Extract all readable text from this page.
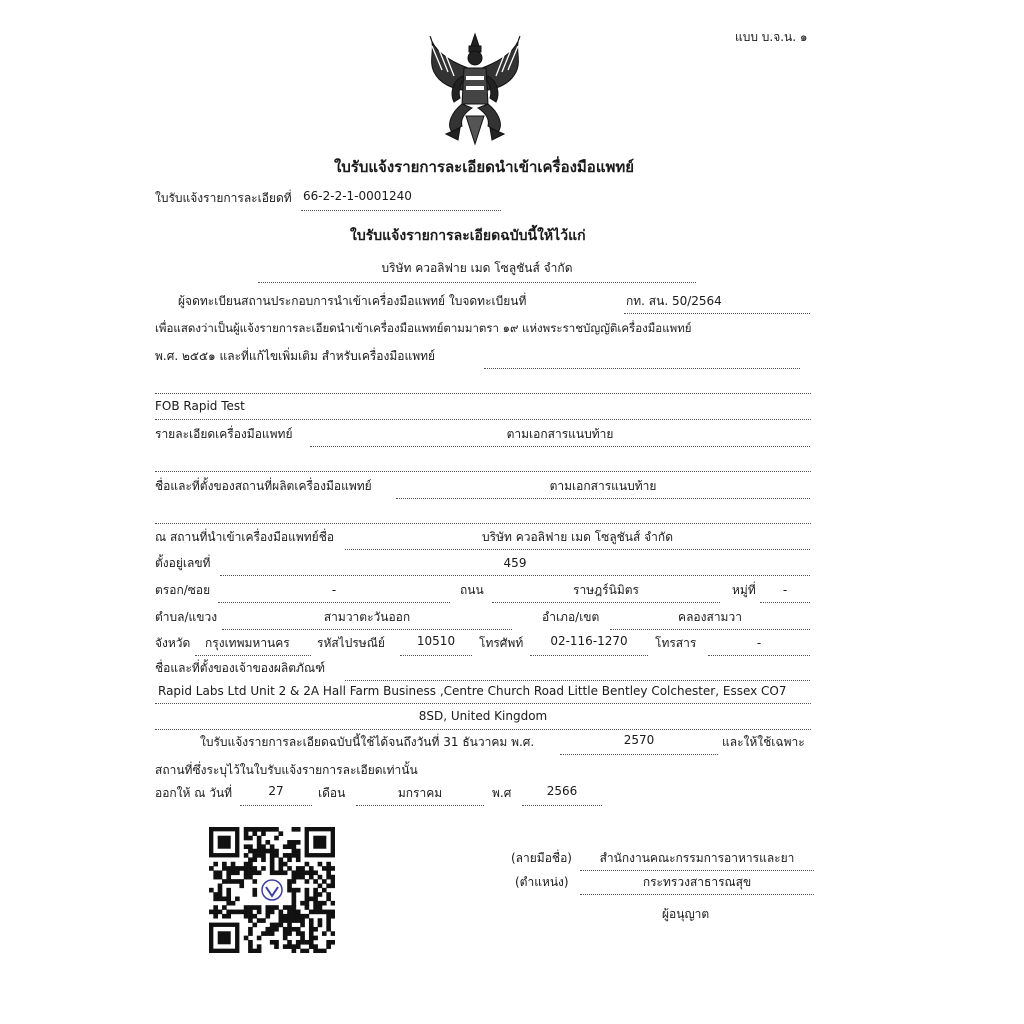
แบบ บ.จ.น. ๑
ใบรับแจ้งรายการละเอียดนำเข้าเครื่องมือแพทย์
ใบรับแจ้งรายการละเอียดที่ 66-2-2-1-0001240
ใบรับแจ้งรายการละเอียดฉบับนี้ให้ไว้แก่
บริษัท ควอลิฟาย เมด โซลูชันส์ จำกัด
ผู้จดทะเบียนสถานประกอบการนำเข้าเครื่องมือแพทย์ ใบจดทะเบียนที่	กท. สน. 50/2564
เพื่อแสดงว่าเป็นผู้แจ้งรายการละเอียดนำเข้าเครื่องมือแพทย์ตามมาตรา ๑๙ แห่งพระราชบัญญัติเครื่องมือแพทย์
พ.ศ. ๒๕๕๑ และที่แก้ไขเพิ่มเติม สำหรับเครื่องมือแพทย์
FOB Rapid Test
รายละเอียดเครื่องมือแพทย์	ตามเอกสารแนบท้าย
ชื่อและที่ตั้งของสถานที่ผลิตเครื่องมือแพทย์	ตามเอกสารแนบท้าย
ณ สถานที่นำเข้าเครื่องมือแพทย์ชื่อ	บริษัท ควอลิฟาย เมด โซลูชันส์ จำกัด
ตั้งอยู่เลขที่	459
ตรอก/ซอย	-	ถนน	ราษฎร์นิมิตร	หมู่ที่	-
ตำบล/แขวง	สามวาตะวันออก	อำเภอ/เขต	คลองสามวา
จังหวัด กรุงเทพมหานคร รหัสไปรษณีย์	10510	โทรศัพท์	02-116-1270	โทรสาร	-
ชื่อและที่ตั้งของเจ้าของผลิตภัณฑ์
Rapid Labs Ltd Unit 2 & 2A Hall Farm Business ,Centre Church Road Little Bentley Colchester, Essex CO7
8SD, United Kingdom
ใบรับแจ้งรายการละเอียดฉบับนี้ใช้ได้จนถึงวันที่ 31 ธันวาคม พ.ศ.	2570	และให้ใช้เฉพาะ
สถานที่ซึ่งระบุไว้ในใบรับแจ้งรายการละเอียดเท่านั้น
ออกให้ ณ วันที่	27	เดือน	มกราคม	พ.ศ	2566
(ลายมือชื่อ)	สำนักงานคณะกรรมการอาหารและยา
(ตำแหน่ง)	กระทรวงสาธารณสุข
ผู้อนุญาต
